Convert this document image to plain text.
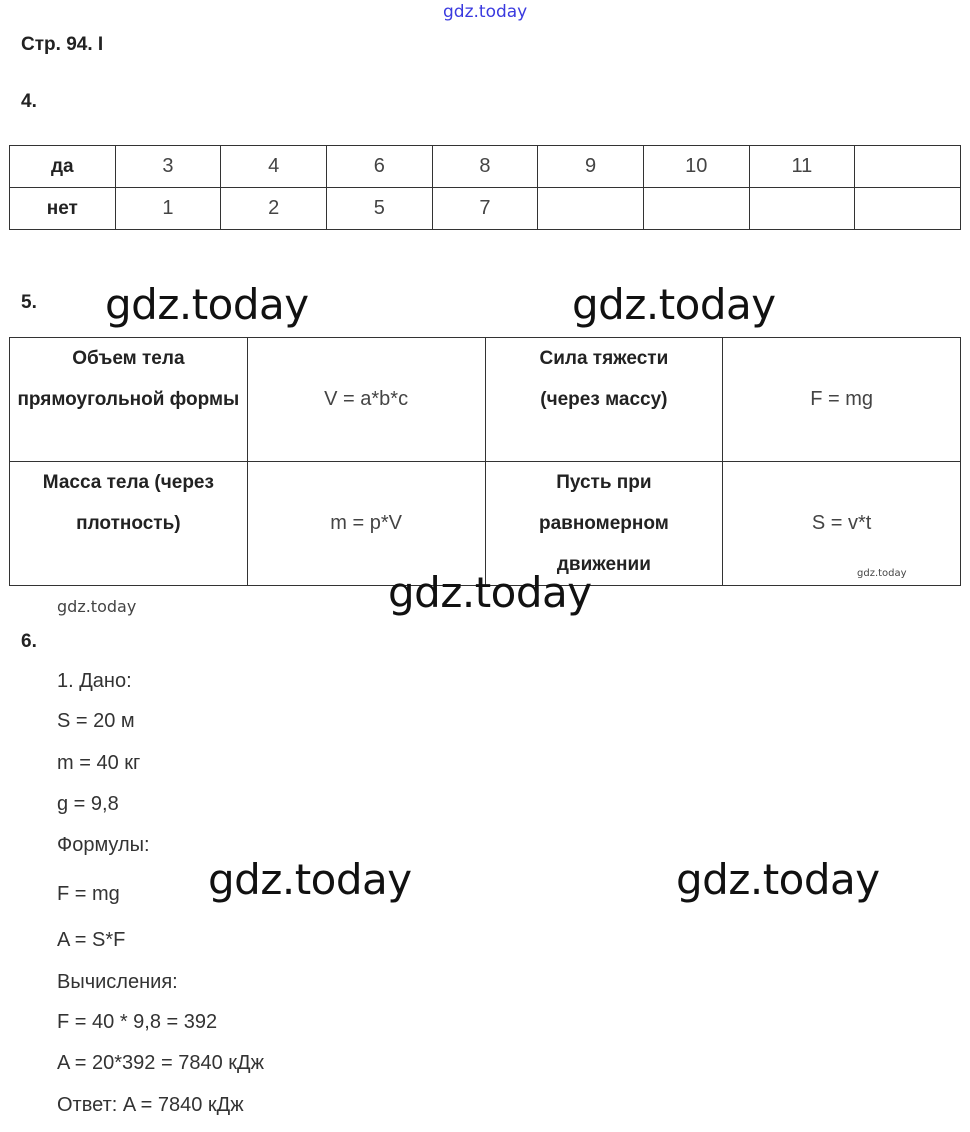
gdz.today
Стр. 94. I
4.
да	3	4	6	8	9	10	11	
нет	1	2	5	7				
5.
Объем тела прямоугольной формы	V = a*b*c	Сила тяжести (через массу)	F = mg
Масса тела (через плотность)	m = p*V	Пусть при равномерном движении	S = v*t
6.
1. Дано:
S = 20 м
m = 40 кг
g = 9,8
Формулы:
F = mg
A = S*F
Вычисления:
F = 40 * 9,8 = 392
A = 20*392 = 7840 кДж
Ответ: A = 7840 кДж
gdz.today	gdz.today
gdz.today
gdz.today	gdz.today
gdz.today
gdz.today
